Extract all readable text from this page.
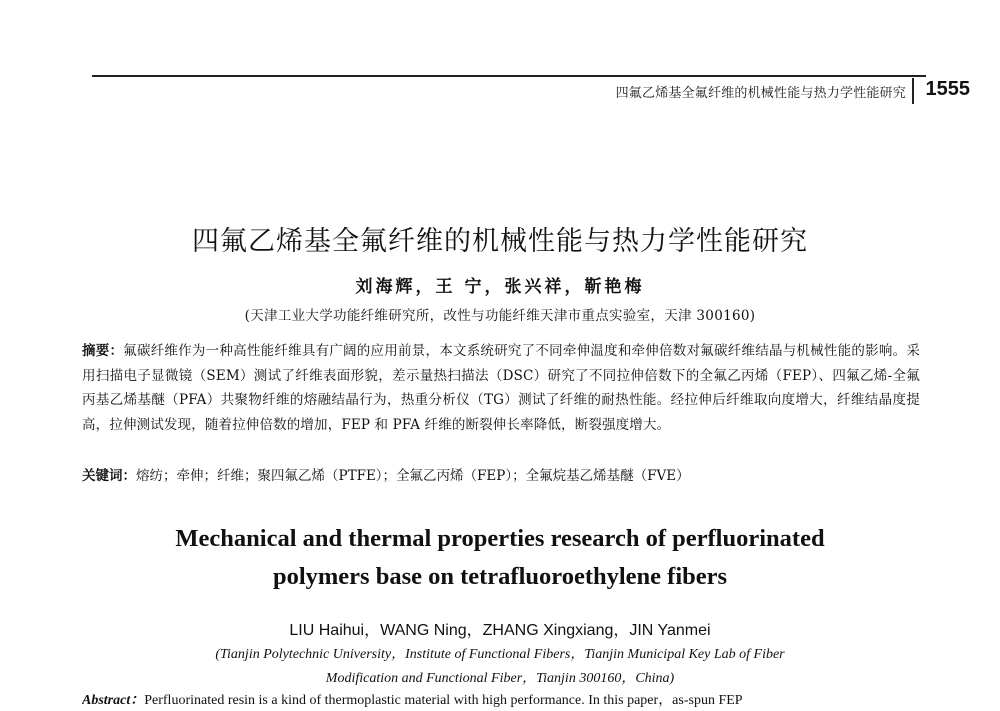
四氟乙烯基全氟纤维的机械性能与热力学性能研究 1555
四氟乙烯基全氟纤维的机械性能与热力学性能研究
刘海辉，王 宁，张兴祥，靳艳梅
(天津工业大学功能纤维研究所，改性与功能纤维天津市重点实验室，天津 300160)
摘要：氟碳纤维作为一种高性能纤维具有广阔的应用前景，本文系统研究了不同牵伸温度和牵伸倍数对氟碳纤维结晶与机械性能的影响。采用扫描电子显微镜（SEM）测试了纤维表面形貌，差示量热扫描法（DSC）研究了不同拉伸倍数下的全氟乙丙烯（FEP）、四氟乙烯-全氟丙基乙烯基醚（PFA）共聚物纤维的熔融结晶行为，热重分析仪（TG）测试了纤维的耐热性能。经拉伸后纤维取向度增大，纤维结晶度提高，拉伸测试发现，随着拉伸倍数的增加，FEP 和 PFA 纤维的断裂伸长率降低，断裂强度增大。
关键词：熔纺；牵伸；纤维；聚四氟乙烯（PTFE）；全氟乙丙烯（FEP）；全氟烷基乙烯基醚（FVE）
Mechanical and thermal properties research of perfluorinated
polymers base on tetrafluoroethylene fibers
LIU Haihui，WANG Ning，ZHANG Xingxiang，JIN Yanmei
(Tianjin Polytechnic University，Institute of Functional Fibers，Tianjin Municipal Key Lab of Fiber
Modification and Functional Fiber，Tianjin 300160，China)
Abstract：Perfluorinated resin is a kind of thermoplastic material with high performance. In this paper，as-spun FEP
